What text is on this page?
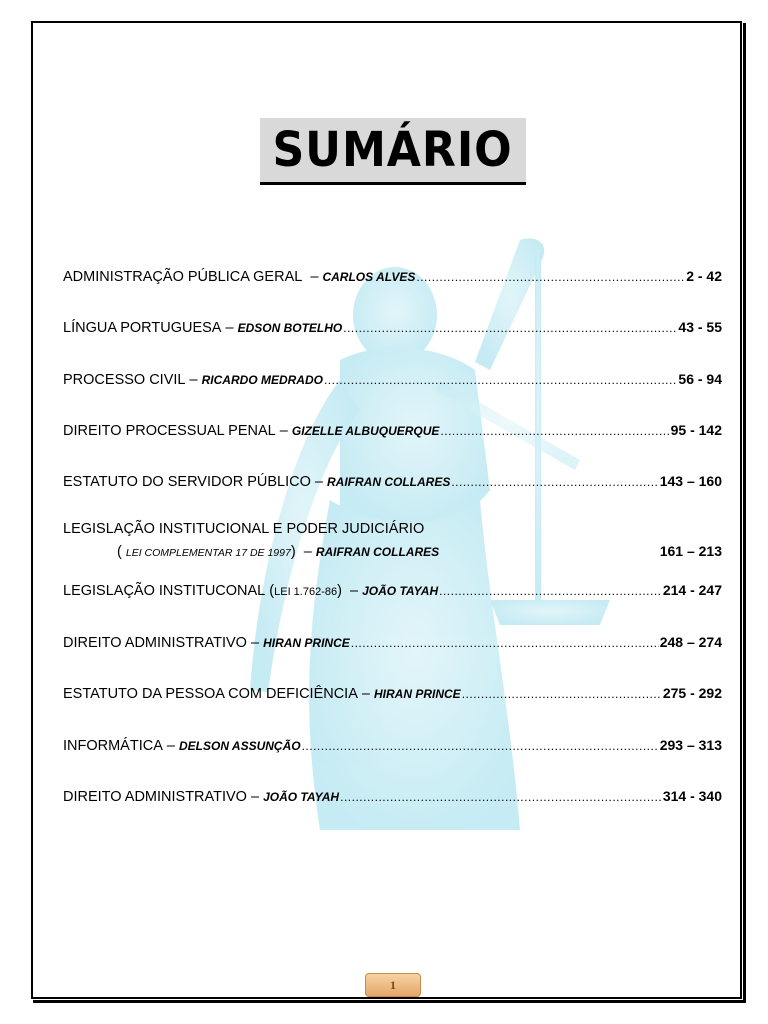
SUMÁRIO
ADMINISTRAÇÃO PÚBLICA GERAL – CARLOS ALVES .....	2 - 42
LÍNGUA PORTUGUESA – EDSON BOTELHO .....	43 - 55
PROCESSO CIVIL – RICARDO MEDRADO .....	56 - 94
DIREITO PROCESSUAL PENAL – GIZELLE ALBUQUERQUE .....	95 - 142
ESTATUTO DO SERVIDOR PÚBLICO – RAIFRAN COLLARES .....	143 – 160
LEGISLAÇÃO INSTITUCIONAL E PODER JUDICIÁRIO
( LEI COMPLEMENTAR 17 DE 1997 ) – RAIFRAN COLLARES	161 – 213
LEGISLAÇÃO INSTITUCONAL ( LEI 1.762-86 ) – JOÃO TAYAH .....	214 - 247
DIREITO ADMINISTRATIVO – HIRAN PRINCE .....	248 – 274
ESTATUTO DA PESSOA COM DEFICIÊNCIA – HIRAN PRINCE .....	275 - 292
INFORMÁTICA – DELSON ASSUNÇÃO .....	293 – 313
DIREITO ADMINISTRATIVO – JOÃO TAYAH .....	314 - 340
1
